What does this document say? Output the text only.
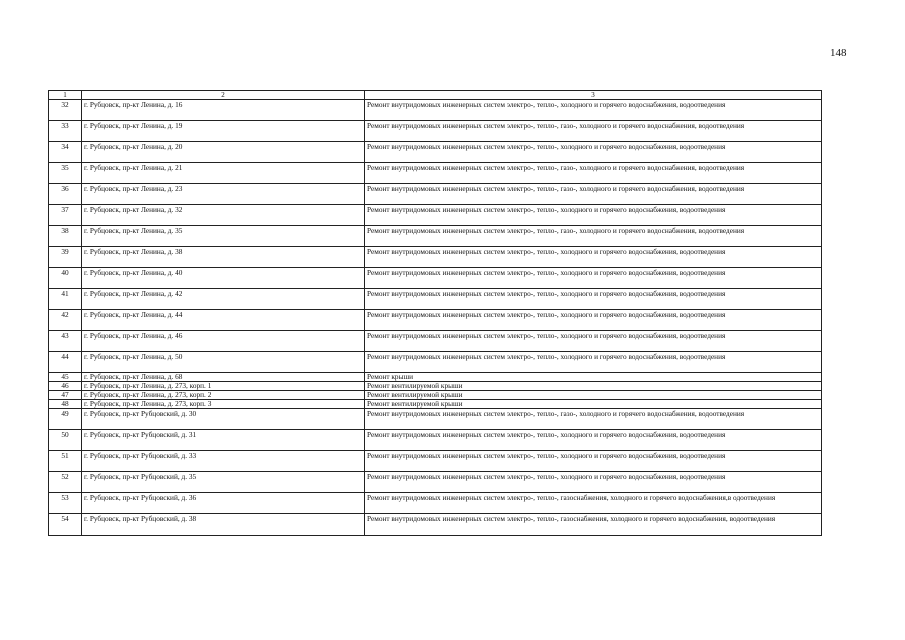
148
1	2	3
32	г. Рубцовск, пр-кт Ленина, д. 16	Ремонт внутридомовых инженерных систем электро-, тепло-, холодного и горячего водоснабжения, водоотведения
33	г. Рубцовск, пр-кт Ленина, д. 19	Ремонт внутридомовых инженерных систем электро-, тепло-, газо-, холодного и горячего водоснабжения, водоотведения
34	г. Рубцовск, пр-кт Ленина, д. 20	Ремонт внутридомовых инженерных систем электро-, тепло-, холодного и горячего водоснабжения, водоотведения
35	г. Рубцовск, пр-кт Ленина, д. 21	Ремонт внутридомовых инженерных систем электро-, тепло-, газо-, холодного и горячего водоснабжения, водоотведения
36	г. Рубцовск, пр-кт Ленина, д. 23	Ремонт внутридомовых инженерных систем электро-, тепло-, газо-, холодного и горячего водоснабжения, водоотведения
37	г. Рубцовск, пр-кт Ленина, д. 32	Ремонт внутридомовых инженерных систем электро-, тепло-, холодного и горячего водоснабжения, водоотведения
38	г. Рубцовск, пр-кт Ленина, д. 35	Ремонт внутридомовых инженерных систем электро-, тепло-, газо-, холодного и горячего водоснабжения, водоотведения
39	г. Рубцовск, пр-кт Ленина, д. 38	Ремонт внутридомовых инженерных систем электро-, тепло-, холодного и горячего водоснабжения, водоотведения
40	г. Рубцовск, пр-кт Ленина, д. 40	Ремонт внутридомовых инженерных систем электро-, тепло-, холодного и горячего водоснабжения, водоотведения
41	г. Рубцовск, пр-кт Ленина, д. 42	Ремонт внутридомовых инженерных систем электро-, тепло-, холодного и горячего водоснабжения, водоотведения
42	г. Рубцовск, пр-кт Ленина, д. 44	Ремонт внутридомовых инженерных систем электро-, тепло-, холодного и горячего водоснабжения, водоотведения
43	г. Рубцовск, пр-кт Ленина, д. 46	Ремонт внутридомовых инженерных систем электро-, тепло-, холодного и горячего водоснабжения, водоотведения
44	г. Рубцовск, пр-кт Ленина, д. 50	Ремонт внутридомовых инженерных систем электро-, тепло-, холодного и горячего водоснабжения, водоотведения
45	г. Рубцовск, пр-кт Ленина, д. 68	Ремонт крыши
46	г. Рубцовск, пр-кт Ленина, д. 273, корп. 1	Ремонт вентилируемой крыши
47	г. Рубцовск, пр-кт Ленина, д. 273, корп. 2	Ремонт вентилируемой крыши
48	г. Рубцовск, пр-кт Ленина, д. 273, корп. 3	Ремонт вентилируемой крыши
49	г. Рубцовск, пр-кт Рубцовский, д. 30	Ремонт внутридомовых инженерных систем электро-, тепло-, газо-, холодного и горячего водоснабжения, водоотведения
50	г. Рубцовск, пр-кт Рубцовский, д. 31	Ремонт внутридомовых инженерных систем электро-, тепло-, холодного и горячего водоснабжения, водоотведения
51	г. Рубцовск, пр-кт Рубцовский, д. 33	Ремонт внутридомовых инженерных систем электро-, тепло-, холодного и горячего водоснабжения, водоотведения
52	г. Рубцовск, пр-кт Рубцовский, д. 35	Ремонт внутридомовых инженерных систем электро-, тепло-, холодного и горячего водоснабжения, водоотведения
53	г. Рубцовск, пр-кт Рубцовский, д. 36	Ремонт внутридомовых инженерных систем электро-, тепло-, газоснабжения, холодного и горячего водоснабжения,в одоотведения
54	г. Рубцовск, пр-кт Рубцовский, д. 38	Ремонт внутридомовых инженерных систем электро-, тепло-, газоснабжения, холодного и горячего водоснабжения, водоотведения
